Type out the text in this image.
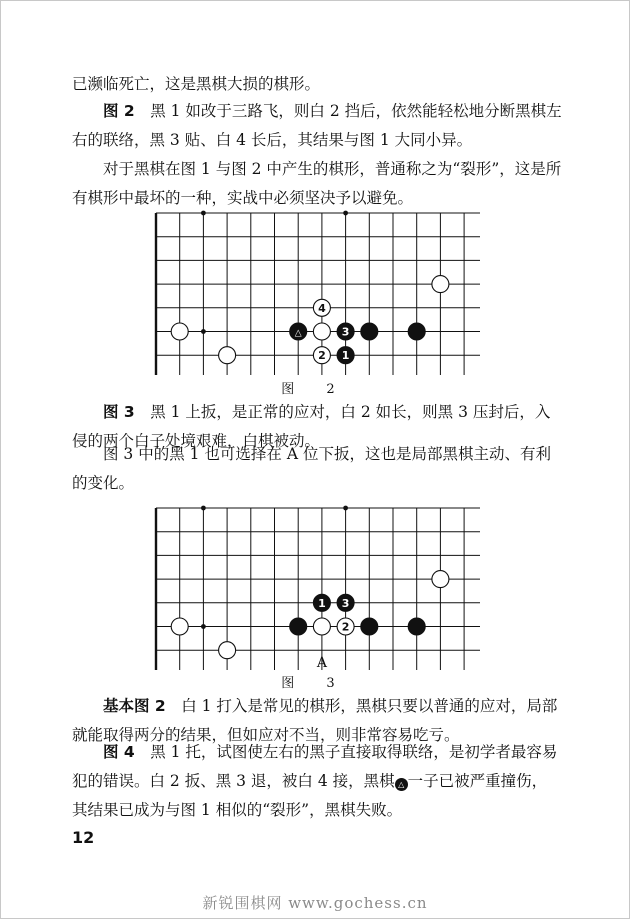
已濒临死亡，这是黑棋大损的棋形。

图 2　 黑 1 如改于三路飞，则白 2 挡后，依然能轻松地分断黑棋左右的联络，黑 3 贴、白 4 长后，其结果与图 1 大同小异。

对于黑棋在图 1 与图 2 中产生的棋形，普通称之为“裂形”，这是所有棋形中最坏的一种，实战中必须坚决予以避免。

△
4
3
2 1
图 2

图 3　 黑 1 上扳，是正常的应对，白 2 如长，则黑 3 压封后，入侵的两个白子处境艰难，白棋被动。

图 3 中的黑 1 也可选择在 A 位下扳，这也是局部黑棋主动、有利的变化。

1 3
2
A
图 3

基本图 2　 白 1 打入是常见的棋形，黑棋只要以普通的应对，局部就能取得两分的结果，但如应对不当，则非常容易吃亏。

图 4　 黑 1 托，试图使左右的黑子直接取得联络，是初学者最容易犯的错误。白 2 扳、黑 3 退，被白 4 接，黑棋 △ 一子已被严重撞伤，其结果已成为与图 1 相似的“裂形”，黑棋失败。

12
新锐围棋网 www.gochess.cn
